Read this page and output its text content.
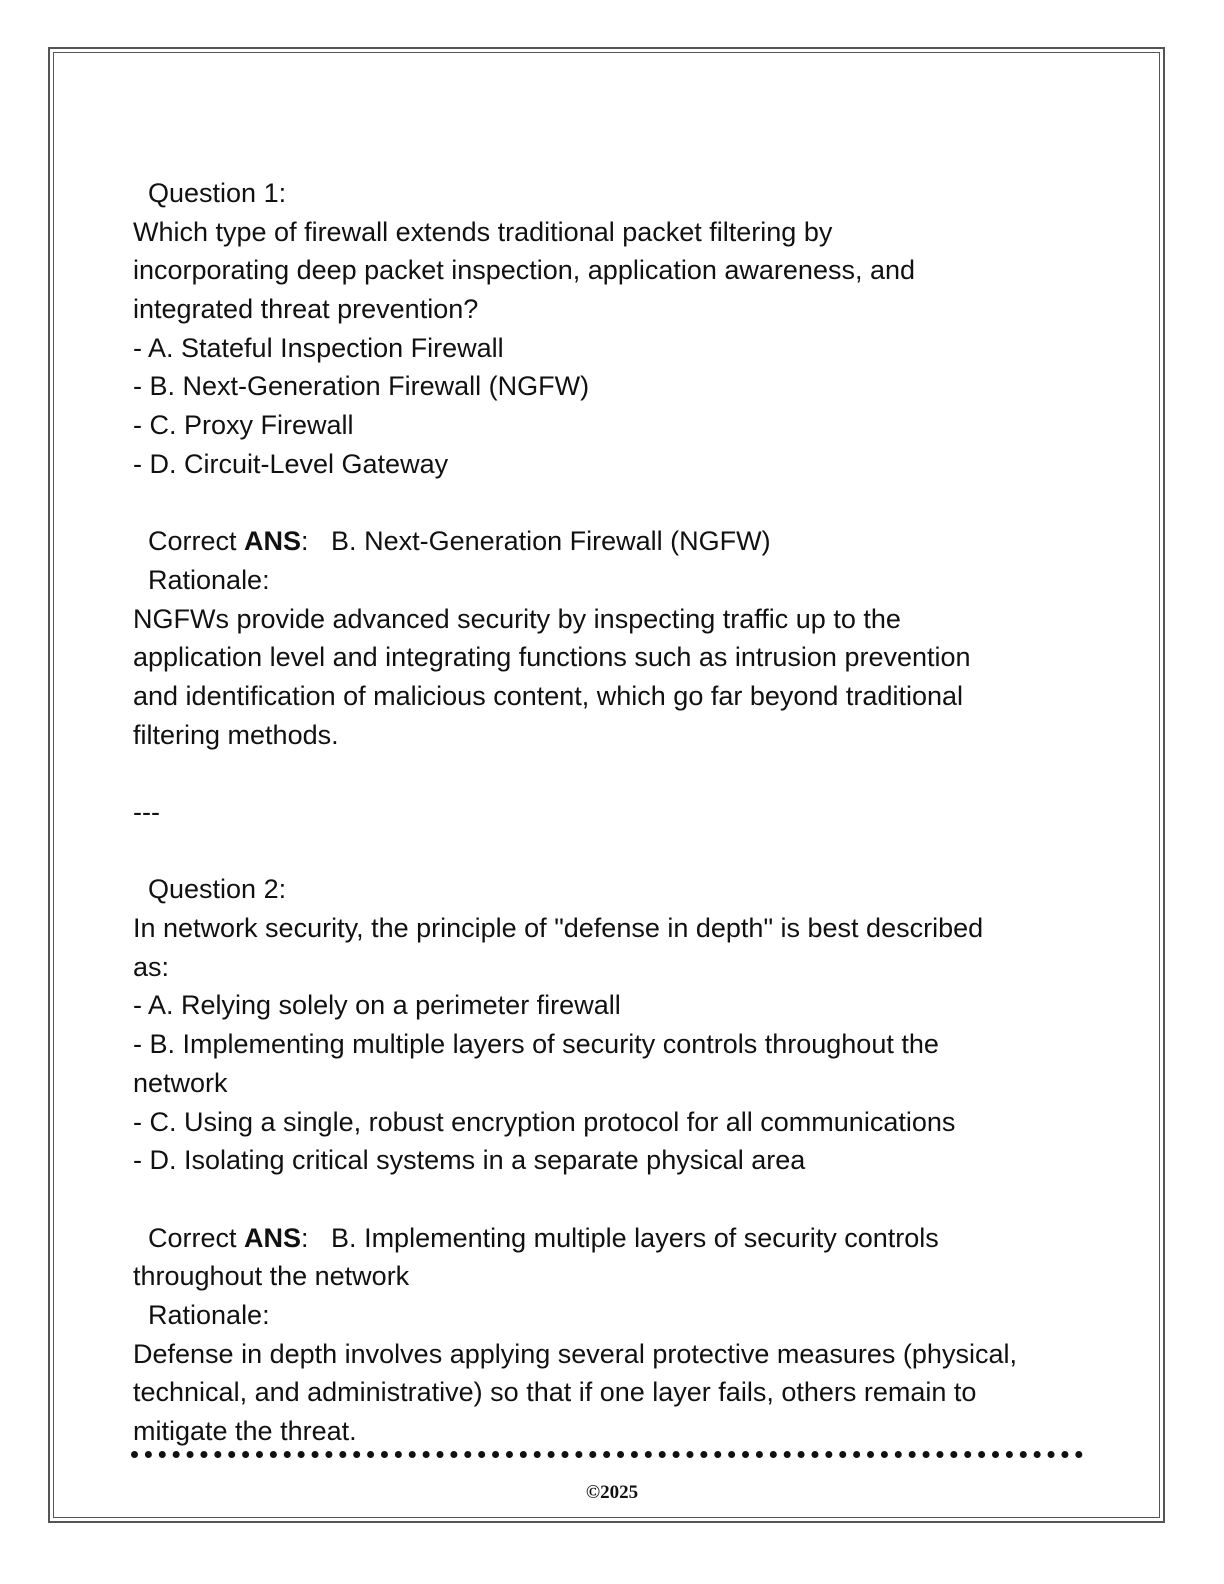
Question 1:
Which type of firewall extends traditional packet filtering by
incorporating deep packet inspection, application awareness, and
integrated threat prevention?
- A. Stateful Inspection Firewall
- B. Next-Generation Firewall (NGFW)
- C. Proxy Firewall
- D. Circuit-Level Gateway
Correct ANS:   B. Next-Generation Firewall (NGFW)
Rationale:
NGFWs provide advanced security by inspecting traffic up to the
application level and integrating functions such as intrusion prevention
and identification of malicious content, which go far beyond traditional
filtering methods.
---
Question 2:
In network security, the principle of "defense in depth" is best described
as:
- A. Relying solely on a perimeter firewall
- B. Implementing multiple layers of security controls throughout the
network
- C. Using a single, robust encryption protocol for all communications
- D. Isolating critical systems in a separate physical area
Correct ANS:   B. Implementing multiple layers of security controls
throughout the network
Rationale:
Defense in depth involves applying several protective measures (physical,
technical, and administrative) so that if one layer fails, others remain to
mitigate the threat.
©2025
